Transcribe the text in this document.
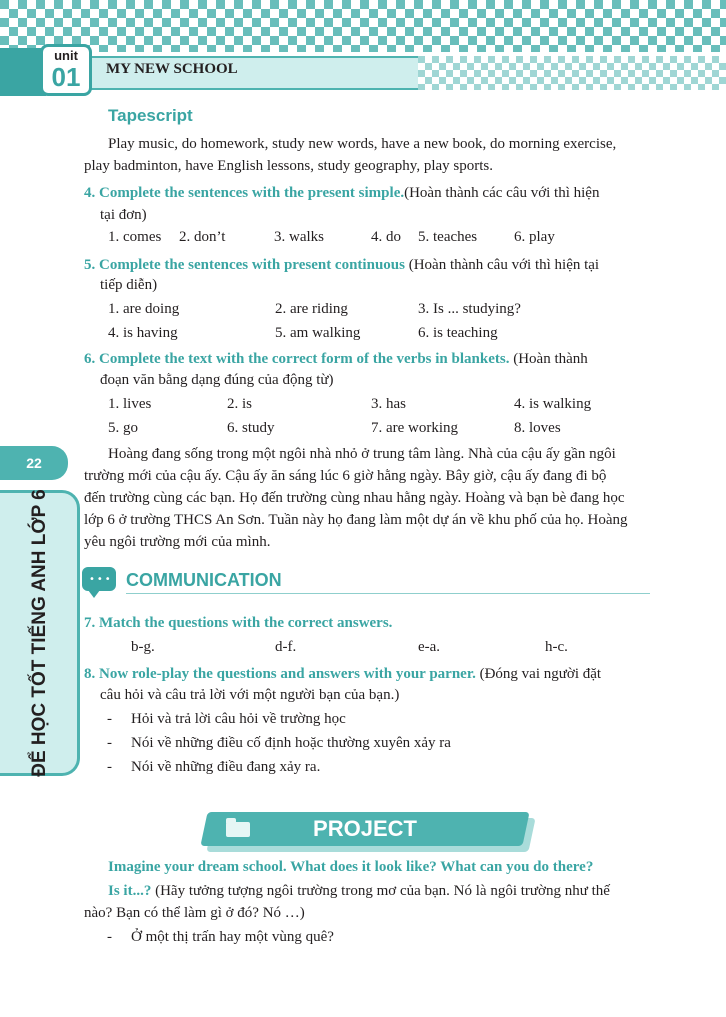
unit
01	MY NEW SCHOOL
22
ĐỂ HỌC TỐT TIẾNG ANH LỚP 6
Tapescript
Play music, do homework, study new words, have a new book, do morning exercise,
play badminton, have English lessons, study geography, play sports.
4. Complete the sentences with the present simple.(Hoàn thành các câu với thì hiện
tại đơn)
1. comes 2. don’t	3. walks	4. do 5. teaches 6. play
5. Complete the sentences with present continuous (Hoàn thành câu với thì hiện tại
tiếp diễn)
1. are doing	2. are riding	3. Is ... studying?
4. is having	5. am walking	6. is teaching
6. Complete the text with the correct form of the verbs in blankets. (Hoàn thành
đoạn văn bằng dạng đúng của động từ)
1. lives	2. is	3. has	4. is walking
5. go	6. study	7. are working	8. loves
Hoàng đang sống trong một ngôi nhà nhỏ ở trung tâm làng. Nhà của cậu ấy gần ngôi
trường mới của cậu ấy. Cậu ấy ăn sáng lúc 6 giờ hằng ngày. Bây giờ, cậu ấy đang đi bộ
đến trường cùng các bạn. Họ đến trường cùng nhau hằng ngày. Hoàng và bạn bè đang học
lớp 6 ở trường THCS An Sơn. Tuần này họ đang làm một dự án về khu phố của họ. Hoàng
yêu ngôi trường mới của mình.
••• COMMUNICATION
7. Match the questions with the correct answers.
b-g.	d-f.	e-a.	h-c.
8. Now role-play the questions and answers with your parner. (Đóng vai người đặt
câu hỏi và câu trả lời với một người bạn của bạn.)
- Hỏi và trả lời câu hỏi về trường học
- Nói về những điều cố định hoặc thường xuyên xảy ra
- Nói về những điều đang xảy ra.
PROJECT
Imagine your dream school. What does it look like? What can you do there?
Is it...? (Hãy tưởng tượng ngôi trường trong mơ của bạn. Nó là ngôi trường như thế
nào? Bạn có thể làm gì ở đó? Nó …)
- Ở một thị trấn hay một vùng quê?
